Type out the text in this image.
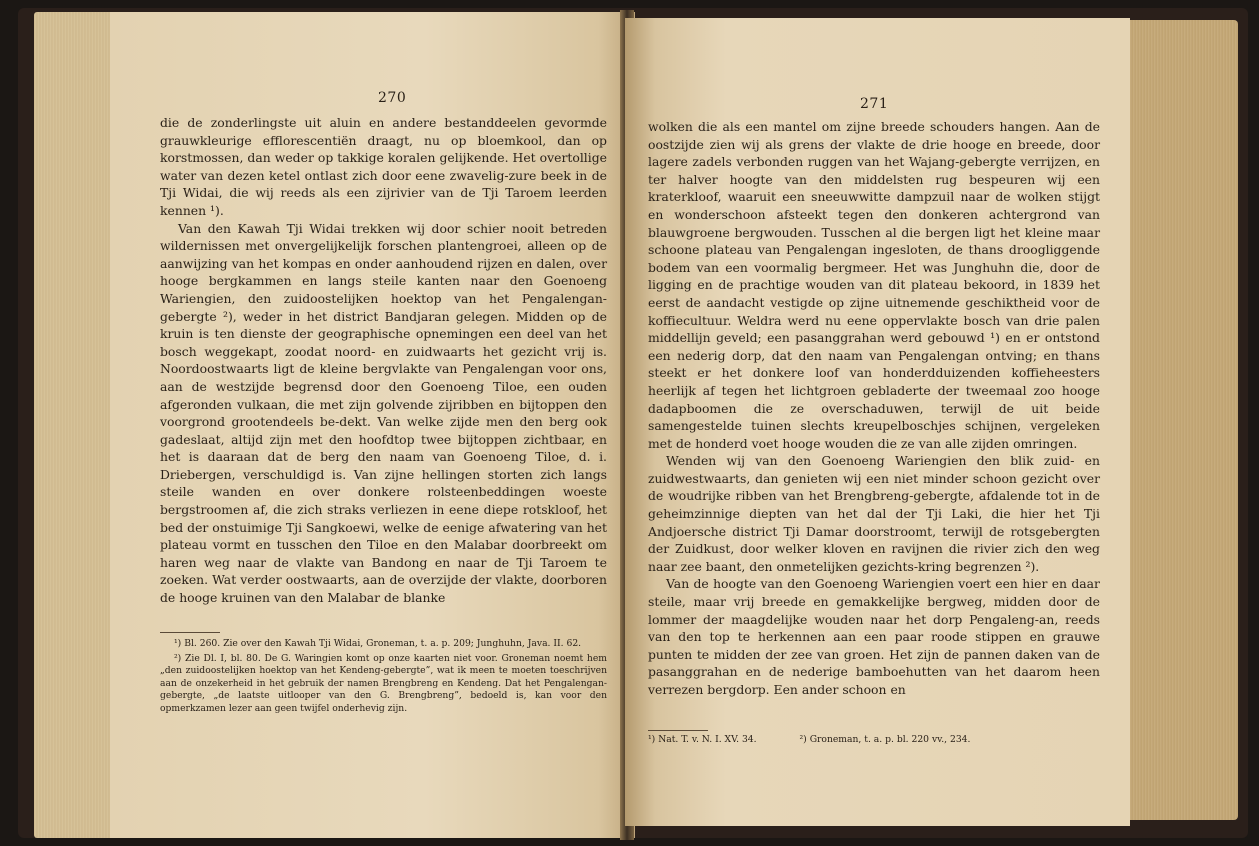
270

die de zonderlingste uit aluin en andere bestanddeelen gevormde grauwkleurige efflorescentiën draagt, nu op bloemkool, dan op korstmossen, dan weder op takkige koralen gelijkende. Het overtollige water van dezen ketel ontlast zich door eene zwavelig-zure beek in de Tji Widai, die wij reeds als een zijrivier van de Tji Taroem leerden kennen ¹).

Van den Kawah Tji Widai trekken wij door schier nooit betreden wildernissen met onvergelijkelijk forschen plantengroei, alleen op de aanwijzing van het kompas en onder aanhoudend rijzen en dalen, over hooge bergkammen en langs steile kanten naar den Goenoeng Wariengien, den zuidoostelijken hoektop van het Pengalengan-gebergte ²), weder in het district Bandjaran gelegen. Midden op de kruin is ten dienste der geographische opnemingen een deel van het bosch weggekapt, zoodat noord- en zuidwaarts het gezicht vrij is. Noordoostwaarts ligt de kleine bergvlakte van Pengalengan voor ons, aan de westzijde begrensd door den Goenoeng Tiloe, een ouden afgeronden vulkaan, die met zijn golvende zijribben en bijtoppen den voorgrond grootendeels be-dekt. Van welke zijde men den berg ook gadeslaat, altijd zijn met den hoofdtop twee bijtoppen zichtbaar, en het is daaraan dat de berg den naam van Goenoeng Tiloe, d. i. Driebergen, verschuldigd is. Van zijne hellingen storten zich langs steile wanden en over donkere rolsteenbeddingen woeste bergstroomen af, die zich straks verliezen in eene diepe rotskloof, het bed der onstuimige Tji Sangkoewi, welke de eenige afwatering van het plateau vormt en tusschen den Tiloe en den Malabar doorbreekt om haren weg naar de vlakte van Bandong en naar de Tji Taroem te zoeken. Wat verder oostwaarts, aan de overzijde der vlakte, doorboren de hooge kruinen van den Malabar de blanke

¹) Bl. 260. Zie over den Kawah Tji Widai, Groneman, t. a. p. 209; Junghuhn, Java. II. 62.

²) Zie Dl. I, bl. 80. De G. Waringien komt op onze kaarten niet voor. Groneman noemt hem „den zuidoostelijken hoektop van het Kendeng-gebergte”, wat ik meen te moeten toeschrijven aan de onzekerheid in het gebruik der namen Brengbreng en Kendeng. Dat het Pengalengan-gebergte, „de laatste uitlooper van den G. Brengbreng”, bedoeld is, kan voor den opmerkzamen lezer aan geen twijfel onderhevig zijn.

271

wolken die als een mantel om zijne breede schouders hangen. Aan de oostzijde zien wij als grens der vlakte de drie hooge en breede, door lagere zadels verbonden ruggen van het Wajang-gebergte verrijzen, en ter halver hoogte van den middelsten rug bespeuren wij een kraterkloof, waaruit een sneeuwwitte dampzuil naar de wolken stijgt en wonderschoon afsteekt tegen den donkeren achtergrond van blauwgroene bergwouden. Tusschen al die bergen ligt het kleine maar schoone plateau van Pengalengan ingesloten, de thans droogliggende bodem van een voormalig bergmeer. Het was Junghuhn die, door de ligging en de prachtige wouden van dit plateau bekoord, in 1839 het eerst de aandacht vestigde op zijne uitnemende geschiktheid voor de koffiecultuur. Weldra werd nu eene oppervlakte bosch van drie palen middellijn geveld; een pasanggrahan werd gebouwd ¹) en er ontstond een nederig dorp, dat den naam van Pengalengan ontving; en thans steekt er het donkere loof van honderdduizenden koffieheesters heerlijk af tegen het lichtgroen gebladerte der tweemaal zoo hooge dadapboomen die ze overschaduwen, terwijl de uit beide samengestelde tuinen slechts kreupelboschjes schijnen, vergeleken met de honderd voet hooge wouden die ze van alle zijden omringen.

Wenden wij van den Goenoeng Wariengien den blik zuid- en zuidwestwaarts, dan genieten wij een niet minder schoon gezicht over de woudrijke ribben van het Brengbreng-gebergte, afdalende tot in de geheimzinnige diepten van het dal der Tji Laki, die hier het Tji Andjoersche district Tji Damar doorstroomt, terwijl de rotsgebergten der Zuidkust, door welker kloven en ravijnen die rivier zich den weg naar zee baant, den onmetelijken gezichts-kring begrenzen ²).

Van de hoogte van den Goenoeng Wariengien voert een hier en daar steile, maar vrij breede en gemakkelijke bergweg, midden door de lommer der maagdelijke wouden naar het dorp Pengaleng-an, reeds van den top te herkennen aan een paar roode stippen en grauwe punten te midden der zee van groen. Het zijn de pannen daken van de pasanggrahan en de nederige bamboehutten van het daarom heen verrezen bergdorp. Een ander schoon en

¹) Nat. T. v. N. I. XV. 34.

	²) Groneman, t. a. p. bl. 220 vv., 234.
